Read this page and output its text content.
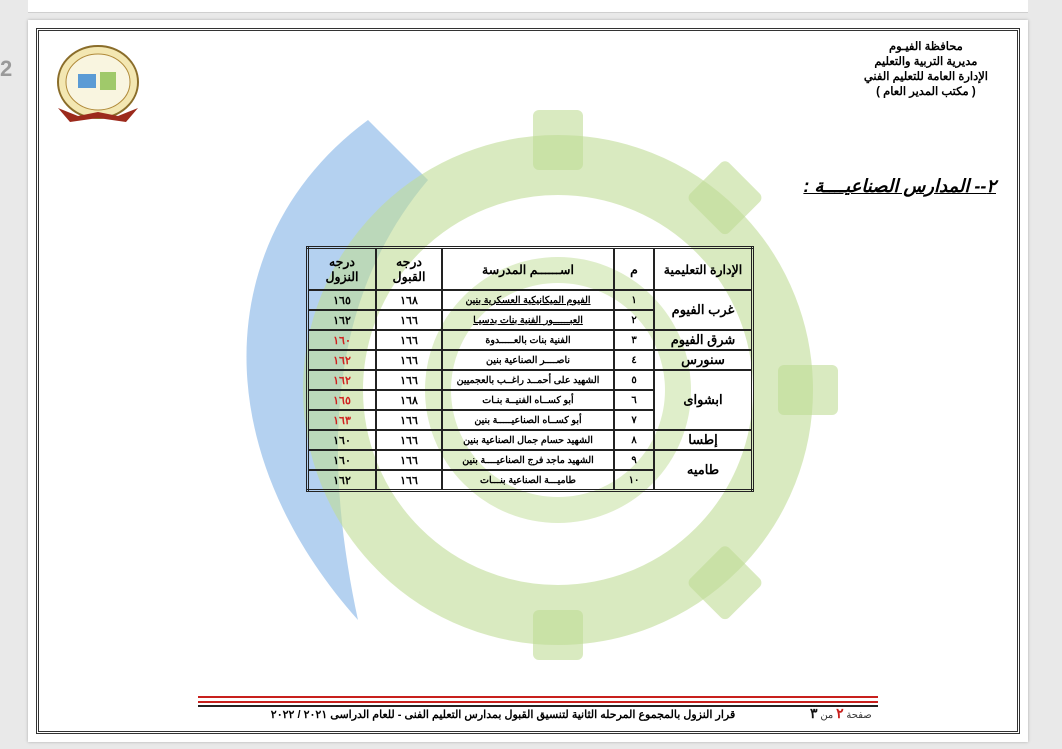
2
محافظة الفيـوم
مديرية التربية والتعليم
الإدارة العامة للتعليم الفني
( مكتب المدير العام )
٢-- المدارس الصناعيــــة :
الإدارة التعليمية	م	اســــــم المدرسة	درجه القبول	درجه النزول
غرب الفيوم	١	الفيوم الميكانيكية العسكرية بنين	١٦٨	١٦٥
	٢	العبــــــور الفنية بنات بدسيـا	١٦٦	١٦٢
شرق الفيوم	٣	الفنية بنات بالعـــــدوة	١٦٦	١٦٠
سنورس	٤	ناصــــر الصناعية بنين	١٦٦	١٦٢
ابشواى	٥	الشهيد على أحمــد راغــب بالعجميين	١٦٦	١٦٢
	٦	أبو كســاه الفنيــة بنـات	١٦٨	١٦٥
	٧	أبو كســاه الصناعيـــــة بنين	١٦٦	١٦٣
إطسا	٨	الشهيد حسام جمال الصناعية بنين	١٦٦	١٦٠
طاميه	٩	الشهيد ماجد فرج الصناعيــــة بنين	١٦٦	١٦٠
	١٠	طاميـــة الصناعية بنـــات	١٦٦	١٦٢
قرار النزول بالمجموع المرحله الثانية لتنسيق القبول بمدارس التعليم الفنى - للعام الدراسى ٢٠٢١ / ٢٠٢٢	صفحة ٢ من ٣
